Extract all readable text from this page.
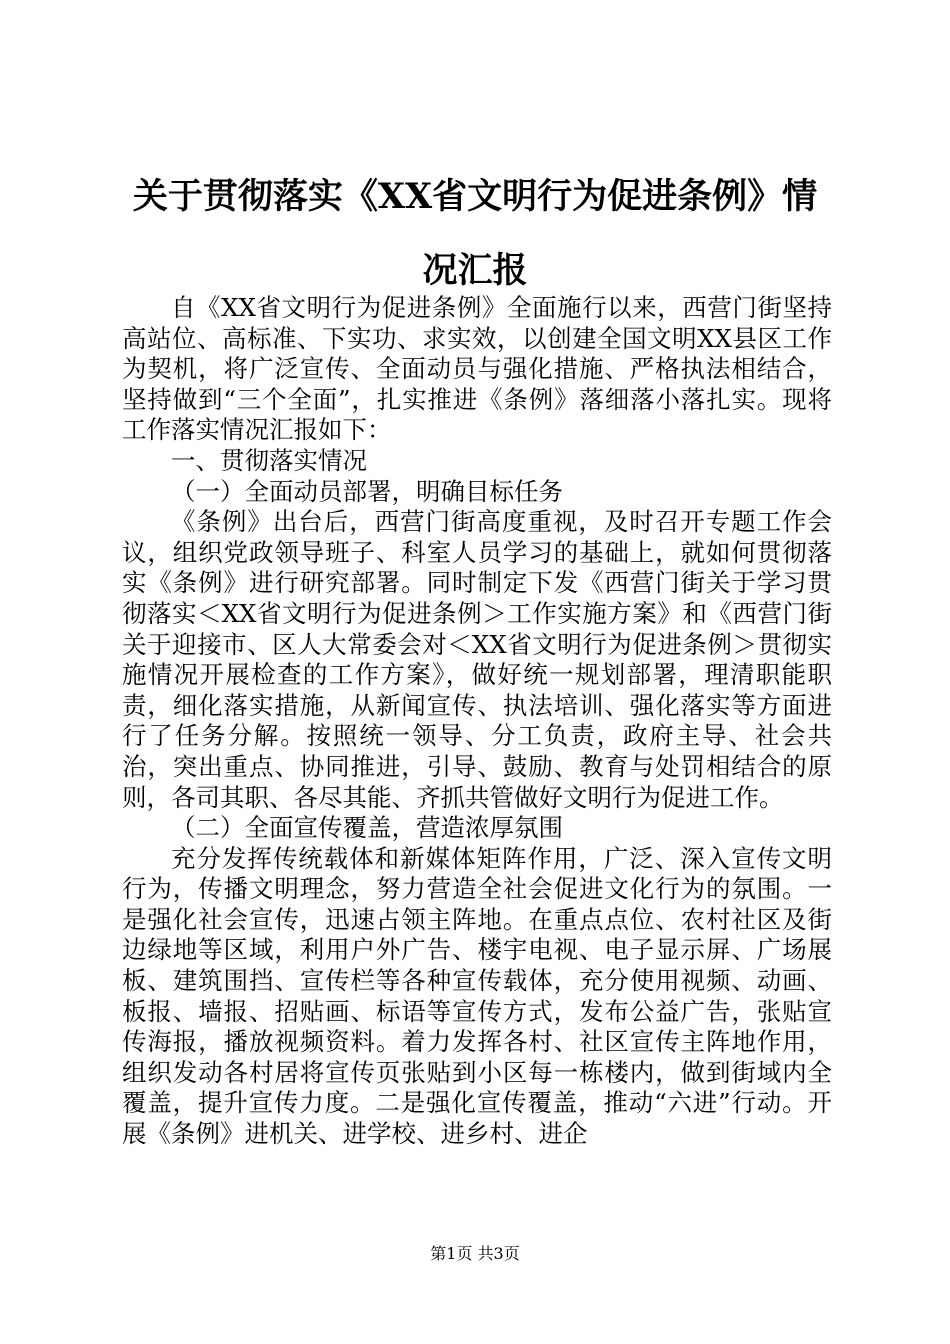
关于贯彻落实《XX省文明行为促进条例》情
况汇报

自《XX省文明行为促进条例》全面施行以来，西营门街坚持高站位、高标准、下实功、求实效，以创建全国文明XX县区工作为契机，将广泛宣传、全面动员与强化措施、严格执法相结合，坚持做到“三个全面”，扎实推进《条例》落细落小落扎实。现将工作落实情况汇报如下：

一、贯彻落实情况

（一）全面动员部署，明确目标任务

《条例》出台后，西营门街高度重视，及时召开专题工作会议，组织党政领导班子、科室人员学习的基础上，就如何贯彻落实《条例》进行研究部署。同时制定下发《西营门街关于学习贯彻落实＜XX省文明行为促进条例＞工作实施方案》和《西营门街关于迎接市、区人大常委会对＜XX省文明行为促进条例＞贯彻实施情况开展检查的工作方案》，做好统一规划部署，理清职能职责，细化落实措施，从新闻宣传、执法培训、强化落实等方面进行了任务分解。按照统一领导、分工负责，政府主导、社会共治，突出重点、协同推进，引导、鼓励、教育与处罚相结合的原则，各司其职、各尽其能、齐抓共管做好文明行为促进工作。

（二）全面宣传覆盖，营造浓厚氛围

充分发挥传统载体和新媒体矩阵作用，广泛、深入宣传文明行为，传播文明理念，努力营造全社会促进文化行为的氛围。一是强化社会宣传，迅速占领主阵地。在重点点位、农村社区及街边绿地等区域，利用户外广告、楼宇电视、电子显示屏、广场展板、建筑围挡、宣传栏等各种宣传载体，充分使用视频、动画、板报、墙报、招贴画、标语等宣传方式，发布公益广告，张贴宣传海报，播放视频资料。着力发挥各村、社区宣传主阵地作用，组织发动各村居将宣传页张贴到小区每一栋楼内，做到街域内全覆盖，提升宣传力度。二是强化宣传覆盖，推动“六进”行动。开展《条例》进机关、进学校、进乡村、进企

第1页 共3页
